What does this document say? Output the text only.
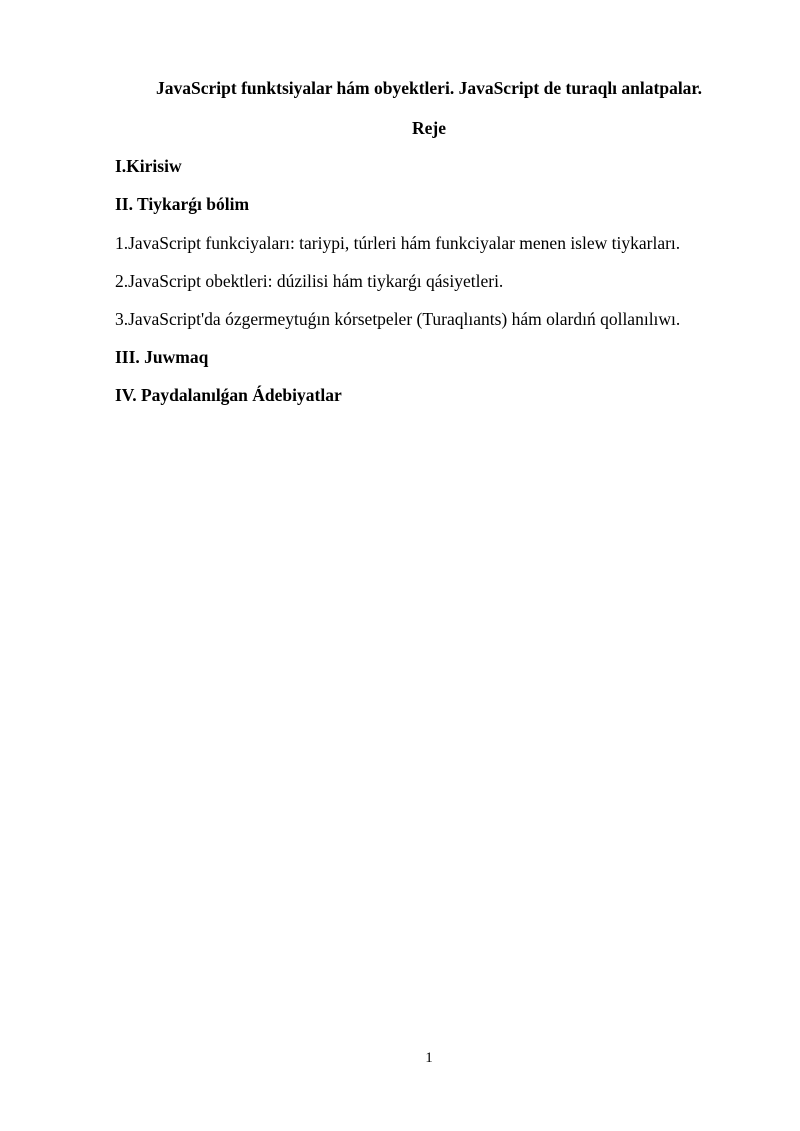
JavaScript funktsiyalar hám obyektleri. JavaScript de turaqlı anlatpalar.
Reje
I.Kirisiw
II. Tiykarǵı bólim
1.JavaScript funkciyaları: tariypi, túrleri hám funkciyalar menen islew tiykarları.
2.JavaScript obektleri: dúzilisi hám tiykarǵı qásiyetleri.
3.JavaScript'da ózgermeytuǵın kórsetpeler (Turaqlıants) hám olardıń qollanılıwı.
III. Juwmaq
IV. Paydalanılǵan Ádebiyatlar
1
